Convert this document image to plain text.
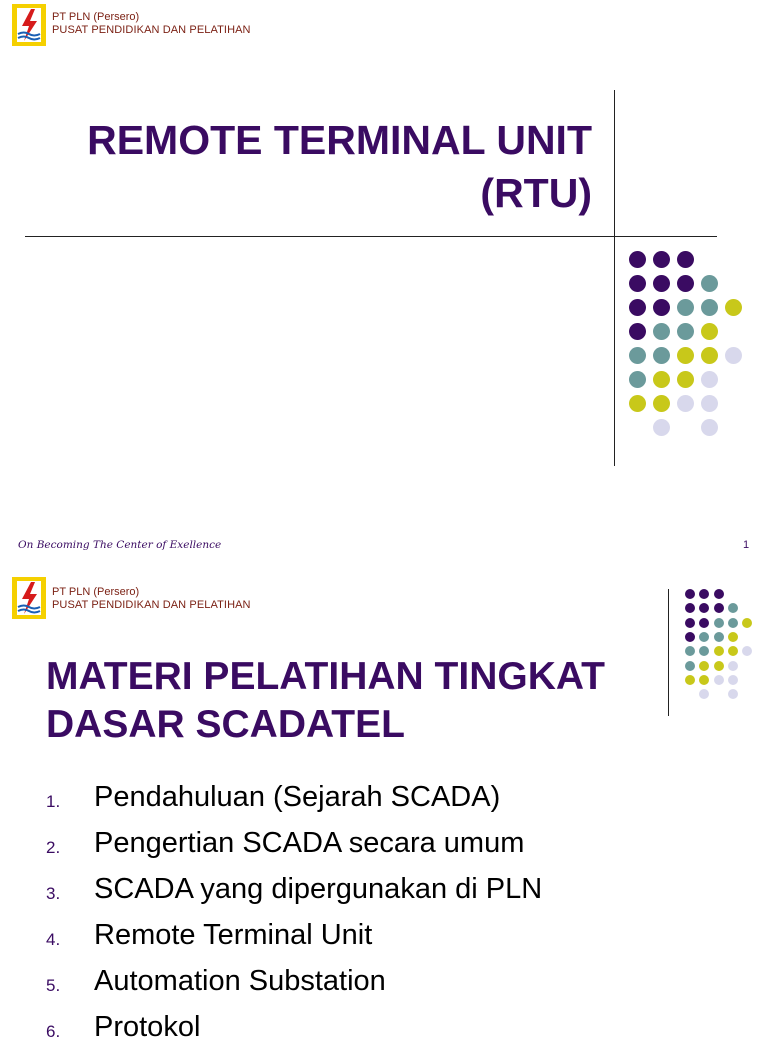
PT PLN (Persero)
PUSAT PENDIDIKAN DAN PELATIHAN
REMOTE TERMINAL UNIT
(RTU)
On Becoming The Center of Exellence	1
PT PLN (Persero)
PUSAT PENDIDIKAN DAN PELATIHAN
MATERI PELATIHAN TINGKAT
DASAR SCADATEL
1. Pendahuluan (Sejarah SCADA)
2. Pengertian SCADA secara umum
3. SCADA yang dipergunakan di PLN
4. Remote Terminal Unit
5. Automation Substation
6. Protokol
